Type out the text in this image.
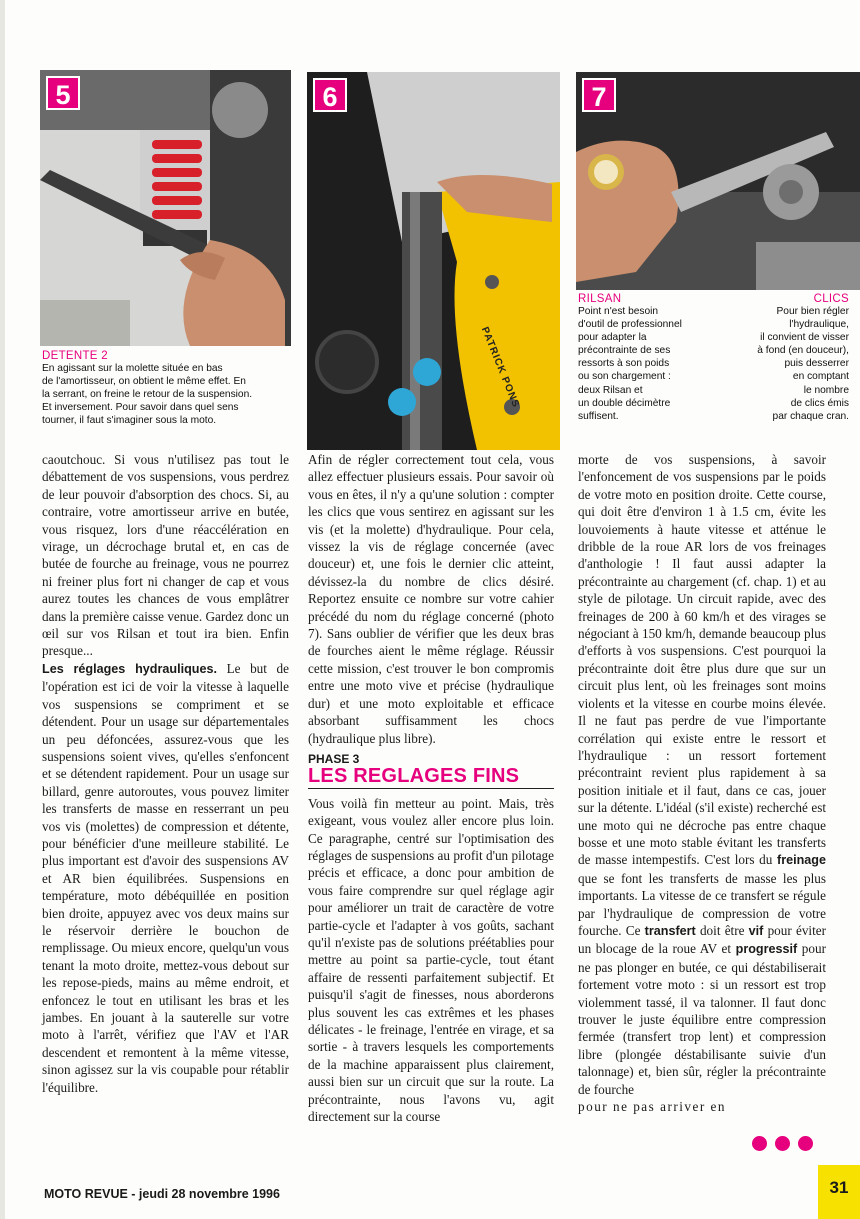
5
PATRICK PONS
6	7
DETENTE 2
En agissant sur la molette située en bas
de l'amortisseur, on obtient le même effet. En
la serrant, on freine le retour de la suspension.
Et inversement. Pour savoir dans quel sens
tourner, il faut s'imaginer sous la moto.
RILSAN
Point n'est besoin
d'outil de professionnel
pour adapter la
précontrainte de ses
ressorts à son poids
ou son chargement :
deux Rilsan et
un double décimètre
suffisent.
CLICS
Pour bien régler
l'hydraulique,
il convient de visser
à fond (en douceur),
puis desserrer
en comptant
le nombre
de clics émis
par chaque cran.

caoutchouc. Si vous n'utilisez pas tout le débattement de vos suspensions, vous perdrez de leur pouvoir d'absorption des chocs. Si, au contraire, votre amortisseur arrive en butée, vous risquez, lors d'une réaccélération en virage, un décrochage brutal et, en cas de butée de fourche au freinage, vous ne pourrez ni freiner plus fort ni changer de cap et vous aurez toutes les chances de vous emplâtrer dans la première caisse venue. Gardez donc un œil sur vos Rilsan et tout ira bien. Enfin presque...

Les réglages hydrauliques. Le but de l'opération est ici de voir la vitesse à laquelle vos suspensions se compriment et se détendent. Pour un usage sur départementales un peu défoncées, assurez-vous que les suspensions soient vives, qu'elles s'enfoncent et se détendent rapidement. Pour un usage sur billard, genre autoroutes, vous pouvez limiter les transferts de masse en resserrant un peu vos vis (molettes) de compression et détente, pour bénéficier d'une meilleure stabilité. Le plus important est d'avoir des suspensions AV et AR bien équilibrées. Suspensions en température, moto débéquillée en position bien droite, appuyez avec vos deux mains sur le réservoir derrière le bouchon de remplissage. Ou mieux encore, quelqu'un vous tenant la moto droite, mettez-vous debout sur les repose-pieds, mains au même endroit, et enfoncez le tout en utilisant les bras et les jambes. En jouant à la sauterelle sur votre moto à l'arrêt, vérifiez que l'AV et l'AR descendent et remontent à la même vitesse, sinon agissez sur la vis coupable pour rétablir l'équilibre.

Afin de régler correctement tout cela, vous allez effectuer plusieurs essais. Pour savoir où vous en êtes, il n'y a qu'une solution : compter les clics que vous sentirez en agissant sur les vis (et la molette) d'hydraulique. Pour cela, vissez la vis de réglage concernée (avec douceur) et, une fois le dernier clic atteint, dévissez-la du nombre de clics désiré. Reportez ensuite ce nombre sur votre cahier précédé du nom du réglage concerné (photo 7). Sans oublier de vérifier que les deux bras de fourches aient le même réglage. Réussir cette mission, c'est trouver le bon compromis entre une moto vive et précise (hydraulique dur) et une moto exploitable et efficace absorbant suffisamment les chocs (hydraulique plus libre).

PHASE 3
LES REGLAGES FINS

Vous voilà fin metteur au point. Mais, très exigeant, vous voulez aller encore plus loin. Ce paragraphe, centré sur l'optimisation des réglages de suspensions au profit d'un pilotage précis et efficace, a donc pour ambition de vous faire comprendre sur quel réglage agir pour améliorer un trait de caractère de votre partie-cycle et l'adapter à vos goûts, sachant qu'il n'existe pas de solutions préétablies pour mettre au point sa partie-cycle, tout étant affaire de ressenti parfaitement subjectif. Et puisqu'il s'agit de finesses, nous aborderons plus souvent les cas extrêmes et les phases délicates - le freinage, l'entrée en virage, et sa sortie - à travers lesquels les comportements de la machine apparaissent plus clairement, aussi bien sur un circuit que sur la route. La précontrainte, nous l'avons vu, agit directement sur la course

morte de vos suspensions, à savoir l'enfoncement de vos suspensions par le poids de votre moto en position droite. Cette course, qui doit être d'environ 1 à 1.5 cm, évite les louvoiements à haute vitesse et atténue le dribble de la roue AR lors de vos freinages d'anthologie ! Il faut aussi adapter la précontrainte au chargement (cf. chap. 1) et au style de pilotage. Un circuit rapide, avec des freinages de 200 à 60 km/h et des virages se négociant à 150 km/h, demande beaucoup plus d'efforts à vos suspensions. C'est pourquoi la précontrainte doit être plus dure que sur un circuit plus lent, où les freinages sont moins violents et la vitesse en courbe moins élevée. Il ne faut pas perdre de vue l'importante corrélation qui existe entre le ressort et l'hydraulique : un ressort fortement précontraint revient plus rapidement à sa position initiale et il faut, dans ce cas, jouer sur la détente. L'idéal (s'il existe) recherché est une moto qui ne décroche pas entre chaque bosse et une moto stable évitant les transferts de masse intempestifs. C'est lors du freinage que se font les transferts de masse les plus importants. La vitesse de ce transfert se régule par l'hydraulique de compression de votre fourche. Ce transfert doit être vif pour éviter un blocage de la roue AV et progressif pour ne pas plonger en butée, ce qui déstabiliserait fortement votre moto : si un ressort est trop violemment tassé, il va talonner. Il faut donc trouver le juste équilibre entre compression fermée (transfert trop lent) et compression libre (plongée déstabilisante suivie d'un talonnage) et, bien sûr, régler la précontrainte de fourche

pour ne pas arriver en

MOTO REVUE - jeudi 28 novembre 1996	31
